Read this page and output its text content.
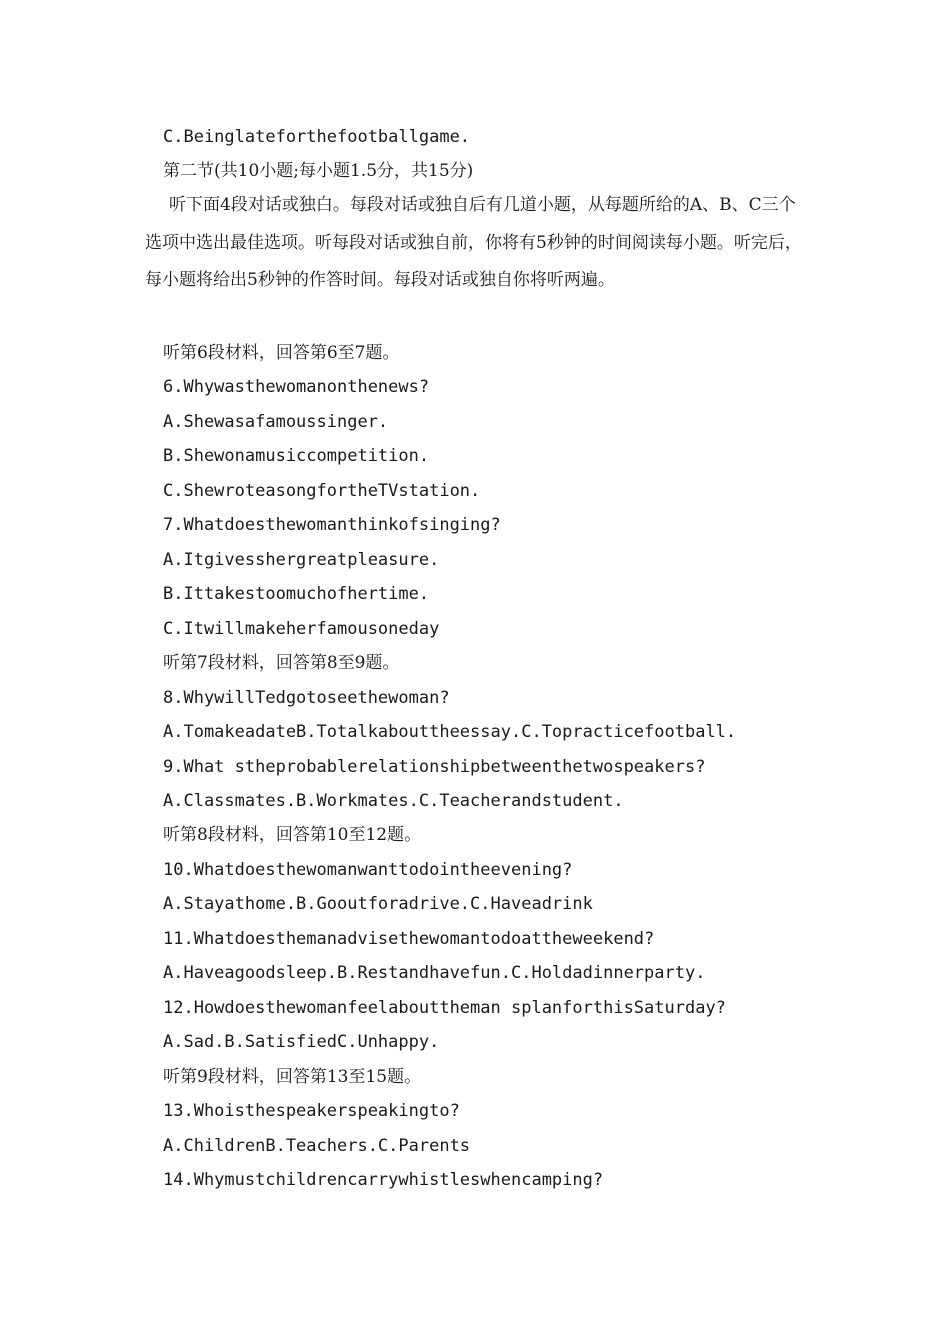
C.Beinglateforthefootballgame.
第二节(共10小题;每小题1.5分，共15分)
听下面4段对话或独白。每段对话或独自后有几道小题，从每题所给的A、B、C三个选项中选出最佳选项。听每段对话或独自前，你将有5秒钟的时间阅读每小题。听完后，每小题将给出5秒钟的作答时间。每段对话或独自你将听两遍。
听第6段材料，回答第6至7题。
6.Whywasthewomanonthenews?
A.Shewasafamoussinger.
B.Shewonamusiccompetition.
C.ShewroteasongfortheTVstation.
7.Whatdoesthewomanthinkofsinging?
A.Itgivesshergreatpleasure.
B.Ittakestoomuchofhertime.
C.Itwillmakeherfamousoneday
听第7段材料，回答第8至9题。
8.WhywillTedgotoseethewoman?
A.TomakeadateB.Totalkabouttheessay.C.Topracticefootball.
9.What stheprobablerelationshipbetweenthetwospeakers?
A.Classmates.B.Workmates.C.Teacherandstudent.
听第8段材料，回答第10至12题。
10.Whatdoesthewomanwanttodointheevening?
A.Stayathome.B.Gooutforadrive.C.Haveadrink
11.Whatdoesthemanadvisethewomantodoattheweekend?
A.Haveagoodsleep.B.Restandhavefun.C.Holdadinnerparty.
12.Howdoesthewomanfeelabouttheman splanforthisSaturday?
A.Sad.B.SatisfiedC.Unhappy.
听第9段材料，回答第13至15题。
13.Whoisthespeakerspeakingto?
A.ChildrenB.Teachers.C.Parents
14.Whymustchildrencarrywhistleswhencamping?
